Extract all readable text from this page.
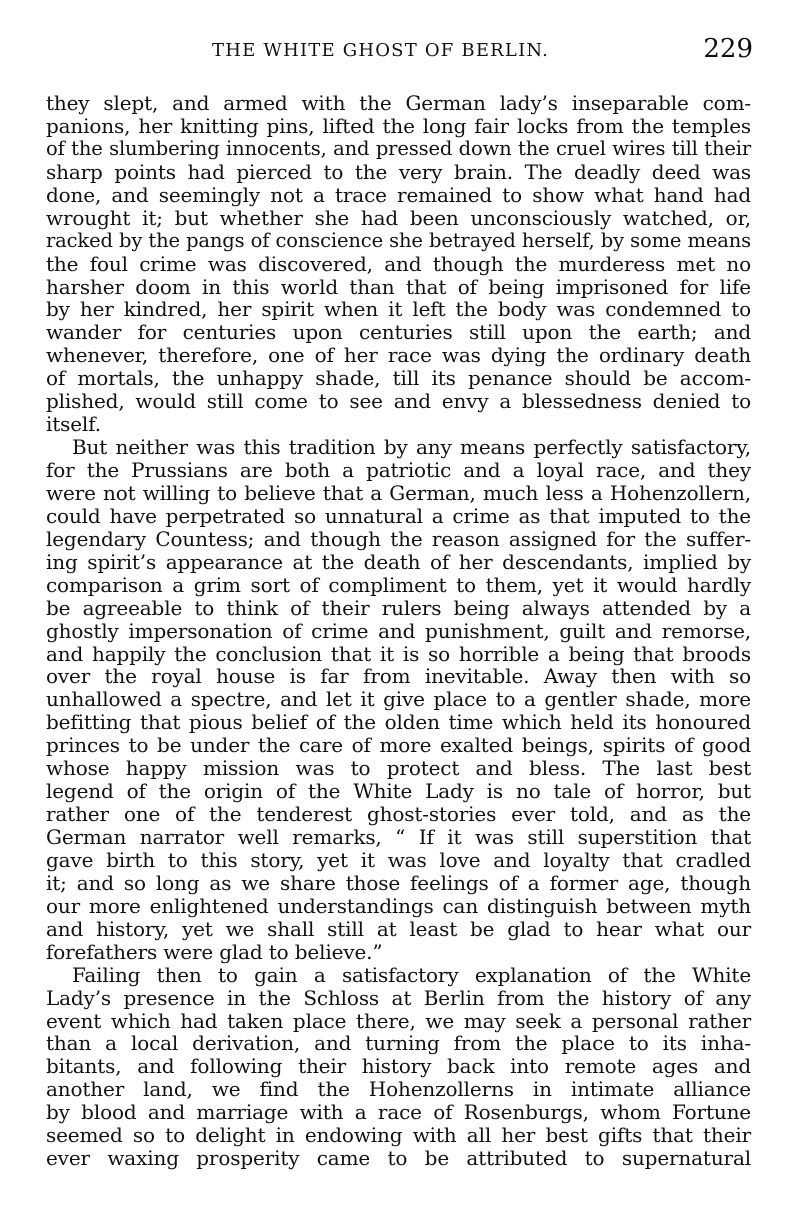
THE WHITE GHOST OF BERLIN.	229
they slept, and armed with the German lady’s inseparable com-
panions, her knitting pins, lifted the long fair locks from the temples
of the slumbering innocents, and pressed down the cruel wires till their
sharp points had pierced to the very brain. The deadly deed was
done, and seemingly not a trace remained to show what hand had
wrought it; but whether she had been unconsciously watched, or,
racked by the pangs of conscience she betrayed herself, by some means
the foul crime was discovered, and though the murderess met no
harsher doom in this world than that of being imprisoned for life
by her kindred, her spirit when it left the body was condemned to
wander for centuries upon centuries still upon the earth; and
whenever, therefore, one of her race was dying the ordinary death
of mortals, the unhappy shade, till its penance should be accom-
plished, would still come to see and envy a blessedness denied to
itself.
But neither was this tradition by any means perfectly satisfactory,
for the Prussians are both a patriotic and a loyal race, and they
were not willing to believe that a German, much less a Hohenzollern,
could have perpetrated so unnatural a crime as that imputed to the
legendary Countess; and though the reason assigned for the suffer-
ing spirit’s appearance at the death of her descendants, implied by
comparison a grim sort of compliment to them, yet it would hardly
be agreeable to think of their rulers being always attended by a
ghostly impersonation of crime and punishment, guilt and remorse,
and happily the conclusion that it is so horrible a being that broods
over the royal house is far from inevitable. Away then with so
unhallowed a spectre, and let it give place to a gentler shade, more
befitting that pious belief of the olden time which held its honoured
princes to be under the care of more exalted beings, spirits of good
whose happy mission was to protect and bless. The last best
legend of the origin of the White Lady is no tale of horror, but
rather one of the tenderest ghost-stories ever told, and as the
German narrator well remarks, “ If it was still superstition that
gave birth to this story, yet it was love and loyalty that cradled
it; and so long as we share those feelings of a former age, though
our more enlightened understandings can distinguish between myth
and history, yet we shall still at least be glad to hear what our
forefathers were glad to believe.”
Failing then to gain a satisfactory explanation of the White
Lady’s presence in the Schloss at Berlin from the history of any
event which had taken place there, we may seek a personal rather
than a local derivation, and turning from the place to its inha-
bitants, and following their history back into remote ages and
another land, we find the Hohenzollerns in intimate alliance
by blood and marriage with a race of Rosenburgs, whom Fortune
seemed so to delight in endowing with all her best gifts that their
ever waxing prosperity came to be attributed to supernatural
